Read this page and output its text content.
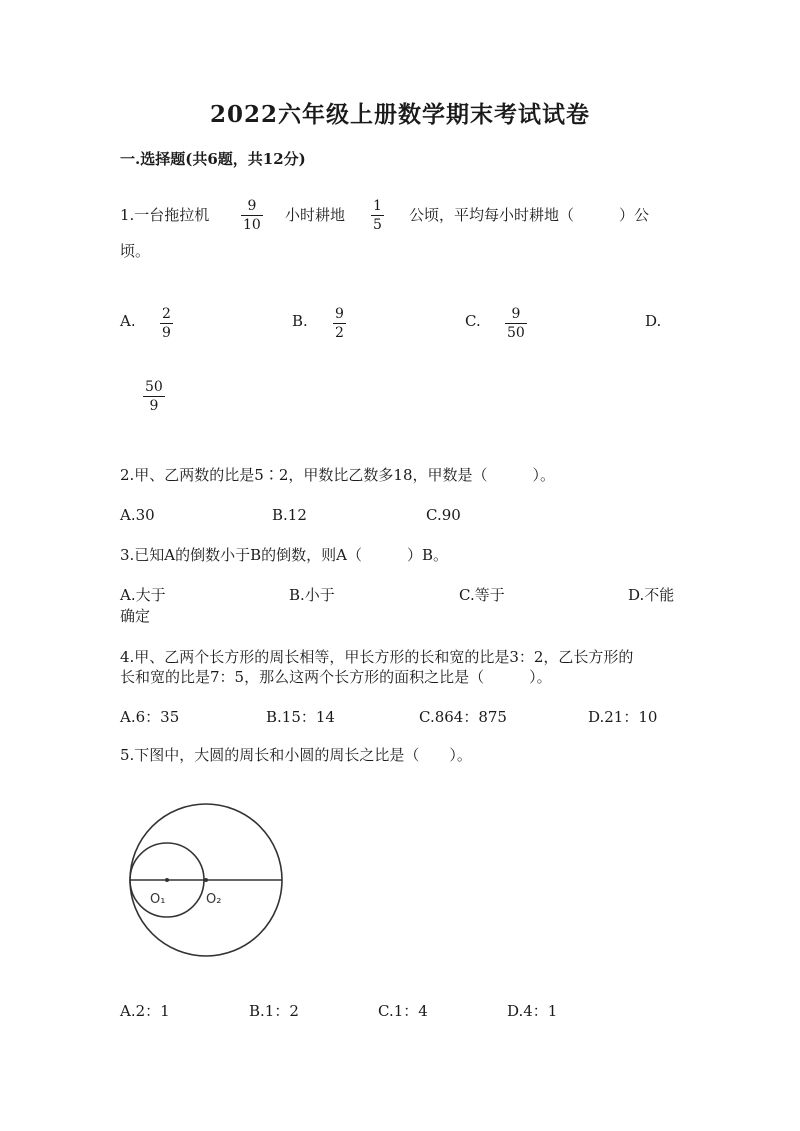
2022六年级上册数学期末考试试卷
一.选择题(共6题，共12分)
1.一台拖拉机	9
10
小时耕地 1
5
公顷，平均每小时耕地（　　　）公
顷。
A. 2
9
B. 9
2
C. 9
50
D.
50
9
2.甲、乙两数的比是5∶2，甲数比乙数多18，甲数是（　　　）。
A.30	B.12	C.90
3.已知A的倒数小于B的倒数，则A（　　　）B。
A.大于	B.小于	C.等于	D.不能
确定
4.甲、乙两个长方形的周长相等，甲长方形的长和宽的比是3：2，乙长方形的
长和宽的比是7：5，那么这两个长方形的面积之比是（　　　）。
A.6：35	B.15：14	C.864：875	D.21：10
5.下图中，大圆的周长和小圆的周长之比是（　　）。
O₁	O₂
A.2：1	B.1：2	C.1：4	D.4：1
